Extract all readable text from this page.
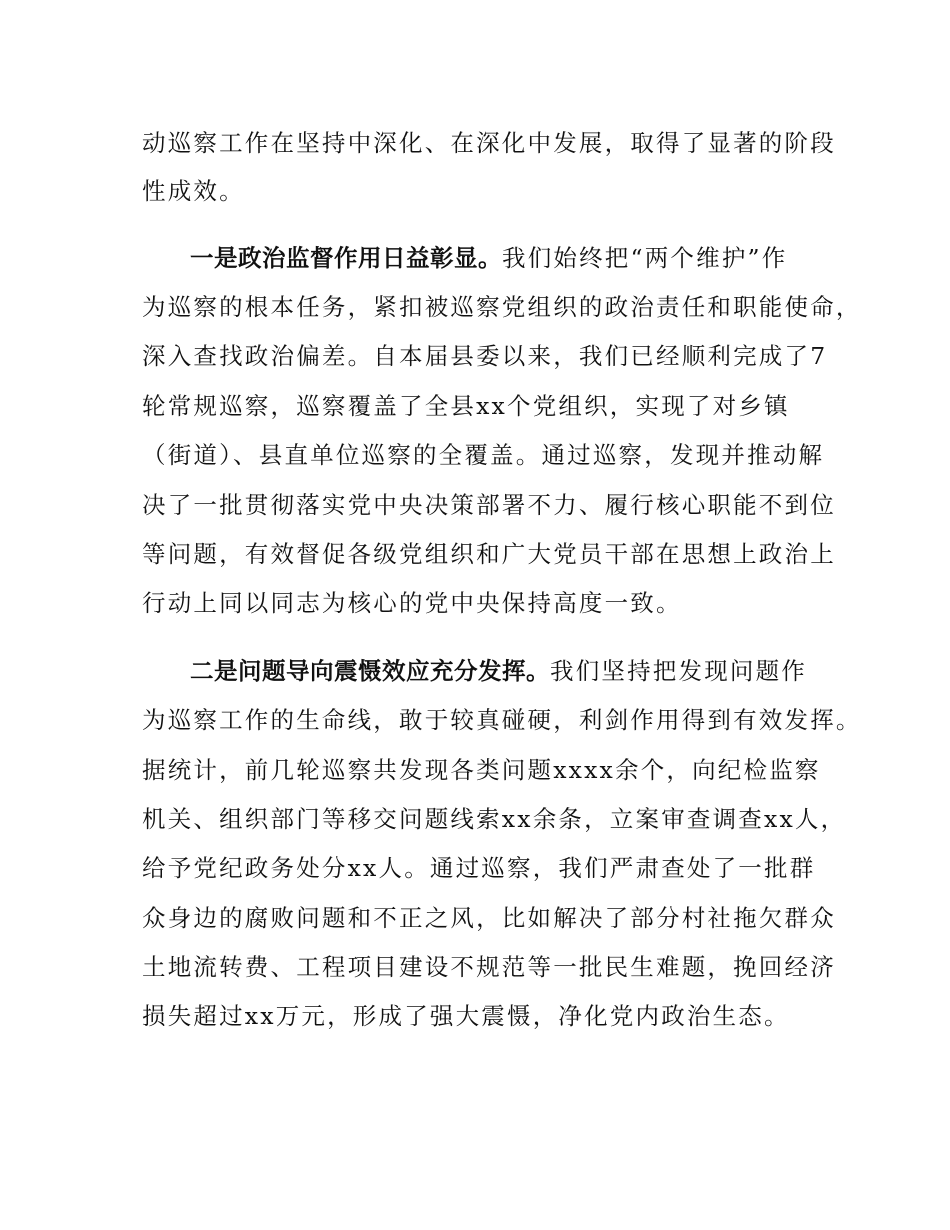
动巡察工作在坚持中深化、在深化中发展，取得了显著的阶段
性成效。
一是政治监督作用日益彰显。我们始终把“两个维护”作
为巡察的根本任务，紧扣被巡察党组织的政治责任和职能使命，
深入查找政治偏差。自本届县委以来，我们已经顺利完成了7
轮常规巡察，巡察覆盖了全县xx个党组织，实现了对乡镇
（街道）、县直单位巡察的全覆盖。通过巡察，发现并推动解
决了一批贯彻落实党中央决策部署不力、履行核心职能不到位
等问题，有效督促各级党组织和广大党员干部在思想上政治上
行动上同以同志为核心的党中央保持高度一致。
二是问题导向震慑效应充分发挥。我们坚持把发现问题作
为巡察工作的生命线，敢于较真碰硬，利剑作用得到有效发挥。
据统计，前几轮巡察共发现各类问题xxxx余个，向纪检监察
机关、组织部门等移交问题线索xx余条，立案审查调查xx人，
给予党纪政务处分xx人。通过巡察，我们严肃查处了一批群
众身边的腐败问题和不正之风，比如解决了部分村社拖欠群众
土地流转费、工程项目建设不规范等一批民生难题，挽回经济
损失超过xx万元，形成了强大震慑，净化党内政治生态。
